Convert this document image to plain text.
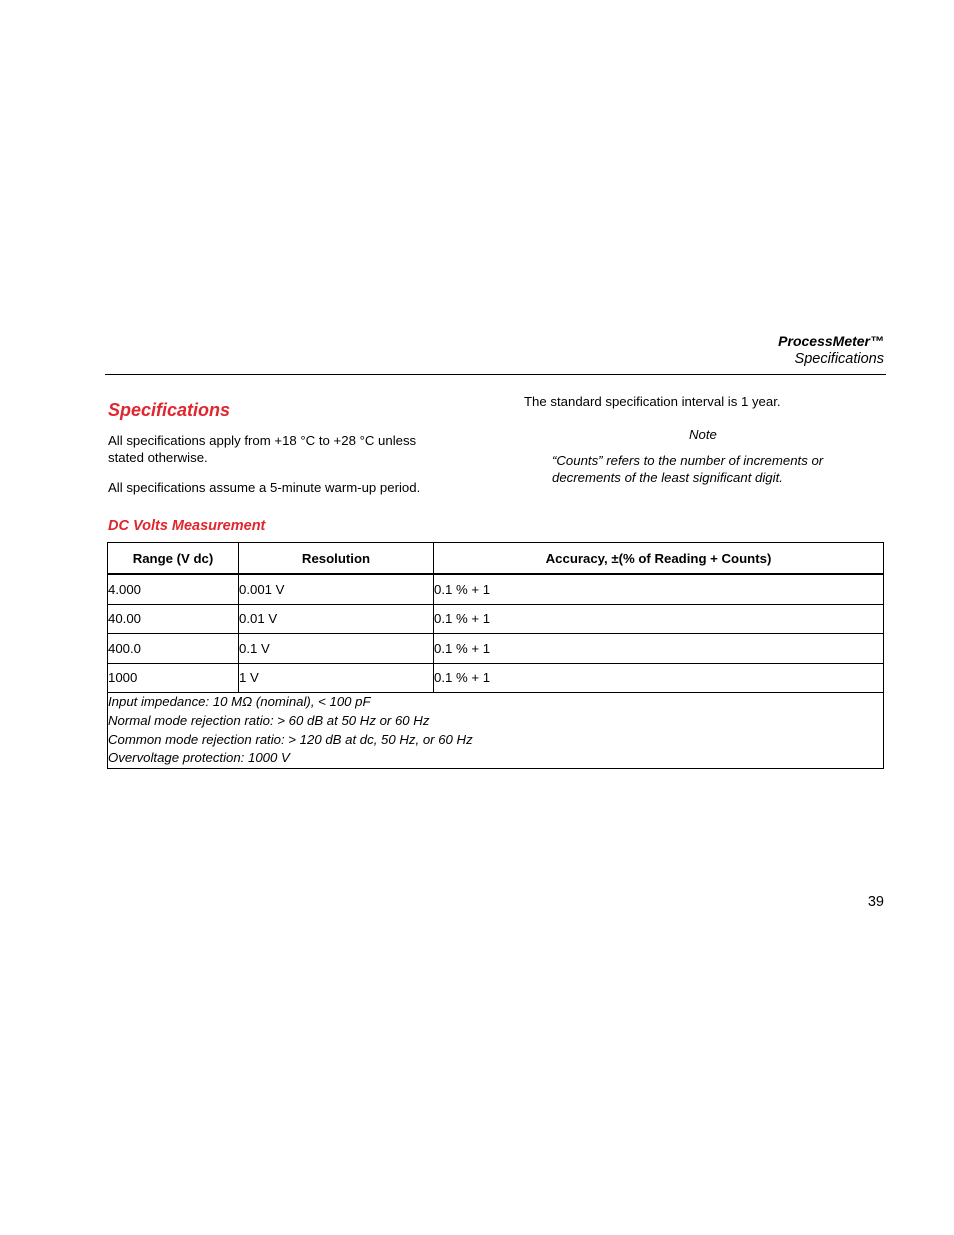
ProcessMeter™
Specifications
Specifications
All specifications apply from +18 °C to +28 °C unless stated otherwise.
All specifications assume a 5-minute warm-up period.
The standard specification interval is 1 year.
Note
“Counts” refers to the number of increments or decrements of the least significant digit.
DC Volts Measurement
Range (V dc)	Resolution	Accuracy, ±(% of Reading + Counts)
4.000	0.001 V	0.1 % + 1
40.00	0.01 V	0.1 % + 1
400.0	0.1 V	0.1 % + 1
1000	1 V	0.1 % + 1

Input impedance: 10 MΩ (nominal), < 100 pF
Normal mode rejection ratio: > 60 dB at 50 Hz or 60 Hz
Common mode rejection ratio: > 120 dB at dc, 50 Hz, or 60 Hz
Overvoltage protection: 1000 V		
39
